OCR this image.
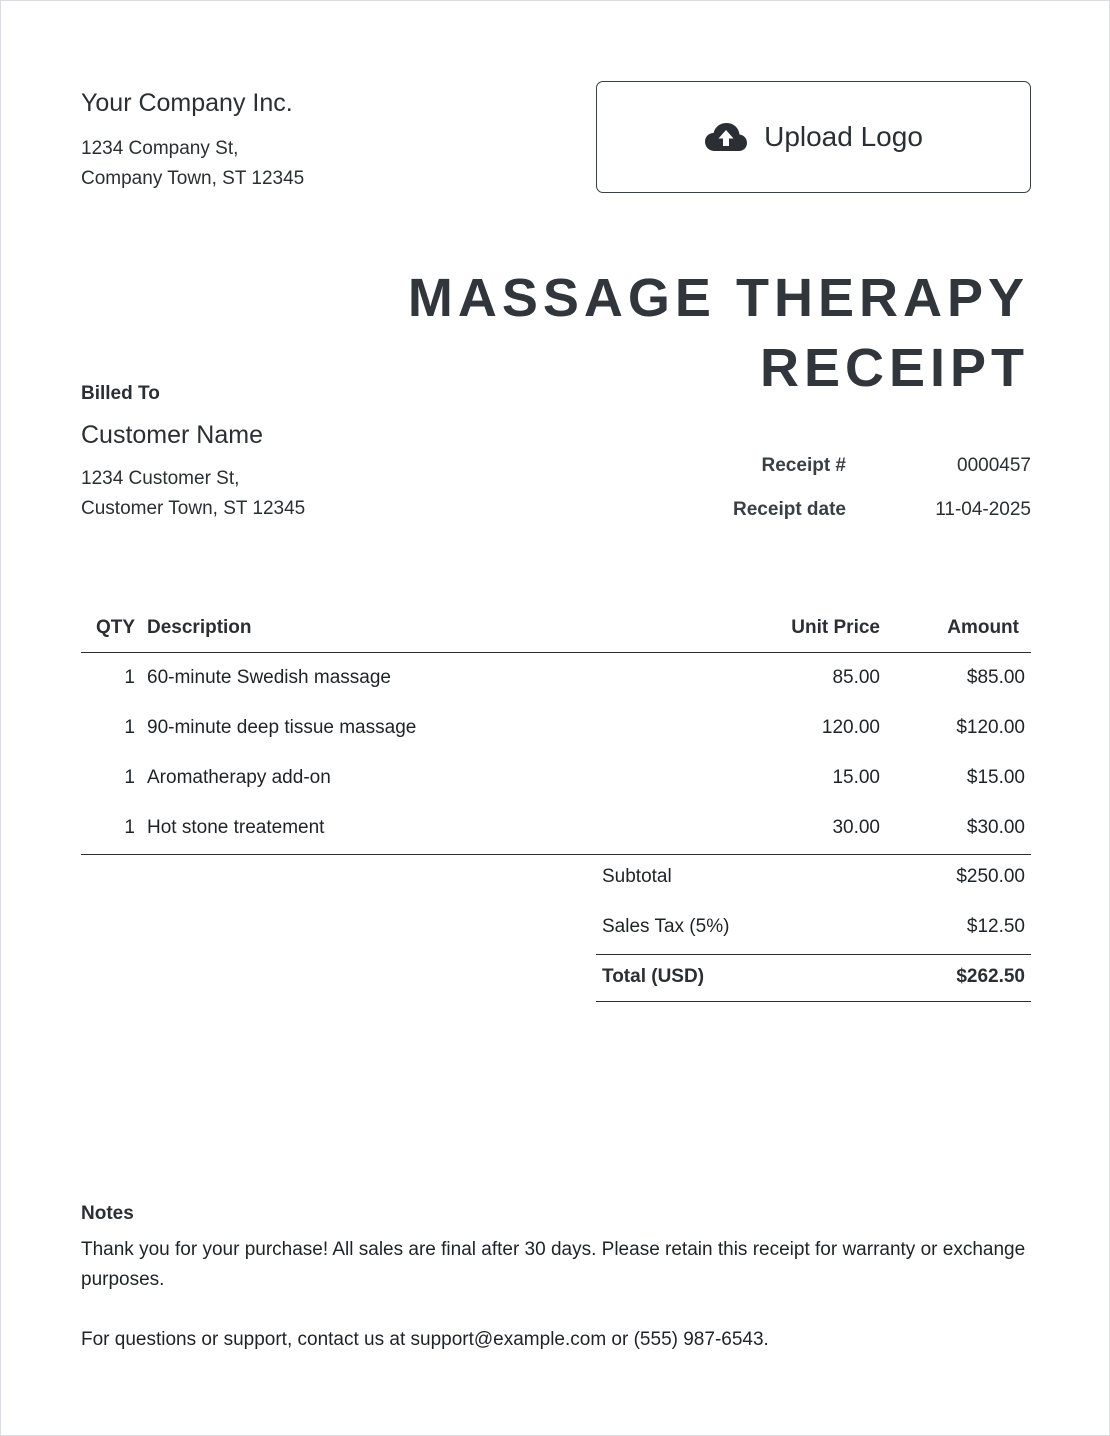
Your Company Inc.
1234 Company St,
Company Town, ST 12345
Upload Logo
MASSAGE THERAPY
RECEIPT
Billed To
Customer Name
1234 Customer St,
Customer Town, ST 12345
Receipt #	0000457
Receipt date	11-04-2025
QTY Description	Unit Price	Amount
1 60-minute Swedish massage	85.00	$85.00
1 90-minute deep tissue massage	120.00	$120.00
1 Aromatherapy add-on	15.00	$15.00
1 Hot stone treatement	30.00	$30.00
Subtotal	$250.00
Sales Tax (5%)	$12.50
Total (USD)	$262.50
Notes
Thank you for your purchase! All sales are final after 30 days. Please retain this receipt for warranty or exchange purposes.
For questions or support, contact us at support@example.com or (555) 987-6543.
